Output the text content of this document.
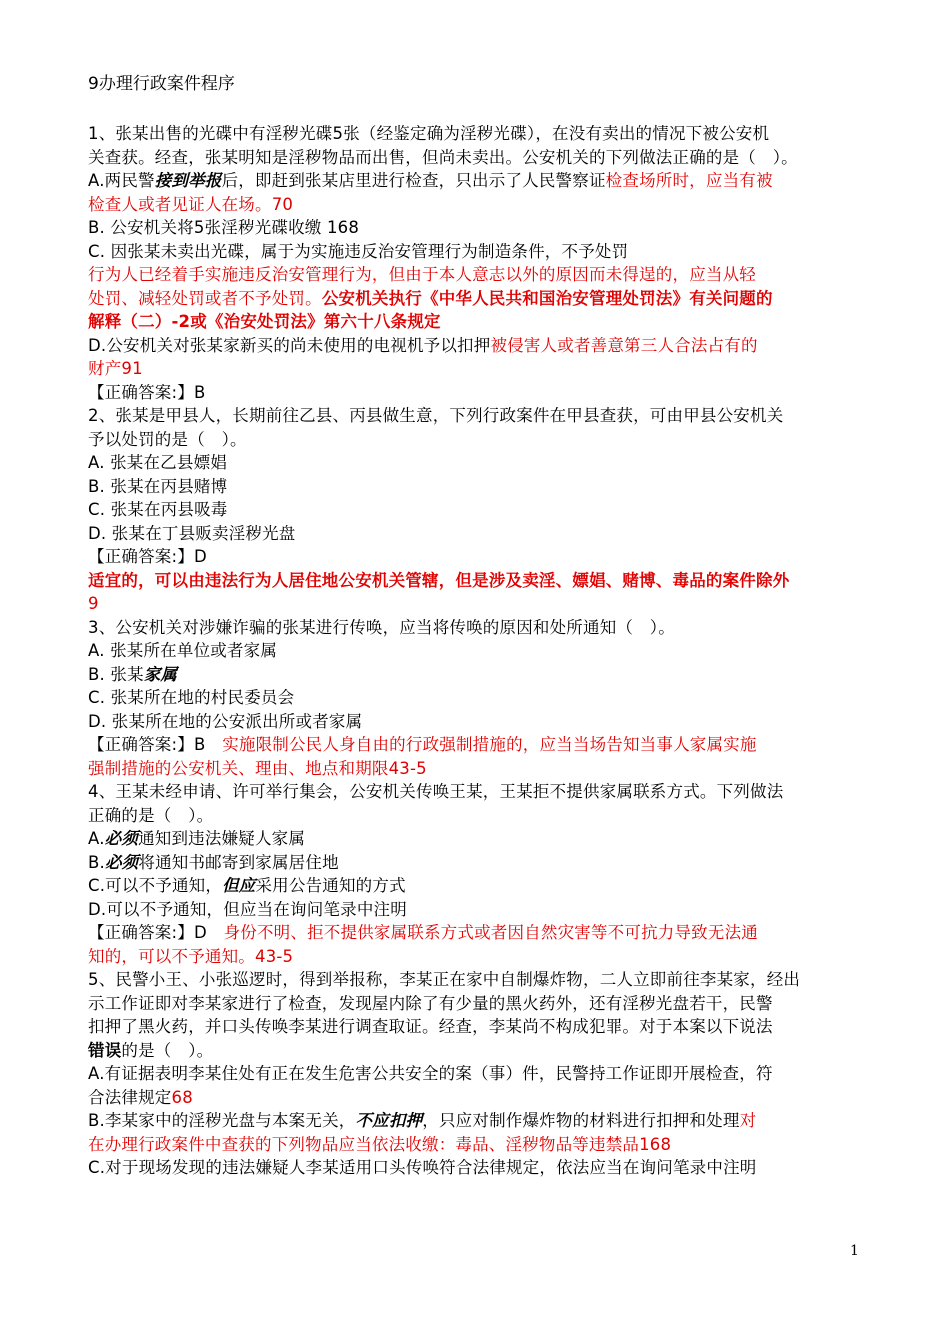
9办理行政案件程序
1、张某出售的光碟中有淫秽光碟5张（经鉴定确为淫秽光碟），在没有卖出的情况下被公安机
关查获。经查，张某明知是淫秽物品而出售，但尚未卖出。公安机关的下列做法正确的是（　）。
A.两民警接到举报后，即赶到张某店里进行检查，只出示了人民警察证检查场所时，应当有被
检查人或者见证人在场。70
B. 公安机关将5张淫秽光碟收缴 168
C. 因张某未卖出光碟，属于为实施违反治安管理行为制造条件，不予处罚
行为人已经着手实施违反治安管理行为，但由于本人意志以外的原因而未得逞的，应当从轻
处罚、减轻处罚或者不予处罚。公安机关执行《中华人民共和国治安管理处罚法》有关问题的
解释（二）-2或《治安处罚法》第六十八条规定
D.公安机关对张某家新买的尚未使用的电视机予以扣押被侵害人或者善意第三人合法占有的
财产91
【正确答案:】B
2、张某是甲县人，长期前往乙县、丙县做生意，下列行政案件在甲县查获，可由甲县公安机关
予以处罚的是（　）。
A. 张某在乙县嫖娼
B. 张某在丙县赌博
C. 张某在丙县吸毒
D. 张某在丁县贩卖淫秽光盘
【正确答案:】D
适宜的，可以由违法行为人居住地公安机关管辖，但是涉及卖淫、嫖娼、赌博、毒品的案件除外
9
3、公安机关对涉嫌诈骗的张某进行传唤，应当将传唤的原因和处所通知（　）。
A. 张某所在单位或者家属
B. 张某家属
C. 张某所在地的村民委员会
D. 张某所在地的公安派出所或者家属
【正确答案:】B　 实施限制公民人身自由的行政强制措施的，应当当场告知当事人家属实施
强制措施的公安机关、理由、地点和期限43-5
4、王某未经申请、许可举行集会，公安机关传唤王某，王某拒不提供家属联系方式。下列做法
正确的是（　）。
A.必须通知到违法嫌疑人家属
B.必须将通知书邮寄到家属居住地
C.可以不予通知，但应采用公告通知的方式
D.可以不予通知，但应当在询问笔录中注明
【正确答案:】D　 身份不明、拒不提供家属联系方式或者因自然灾害等不可抗力导致无法通
知的，可以不予通知。43-5
5、民警小王、小张巡逻时，得到举报称，李某正在家中自制爆炸物，二人立即前往李某家，经出
示工作证即对李某家进行了检查，发现屋内除了有少量的黑火药外，还有淫秽光盘若干，民警
扣押了黑火药，并口头传唤李某进行调查取证。经查，李某尚不构成犯罪。对于本案以下说法
错误的是（　）。
A.有证据表明李某住处有正在发生危害公共安全的案（事）件，民警持工作证即开展检查，符
合法律规定68
B.李某家中的淫秽光盘与本案无关，不应扣押，只应对制作爆炸物的材料进行扣押和处理对
在办理行政案件中查获的下列物品应当依法收缴：毒品、淫秽物品等违禁品168
C.对于现场发现的违法嫌疑人李某适用口头传唤符合法律规定，依法应当在询问笔录中注明
1
